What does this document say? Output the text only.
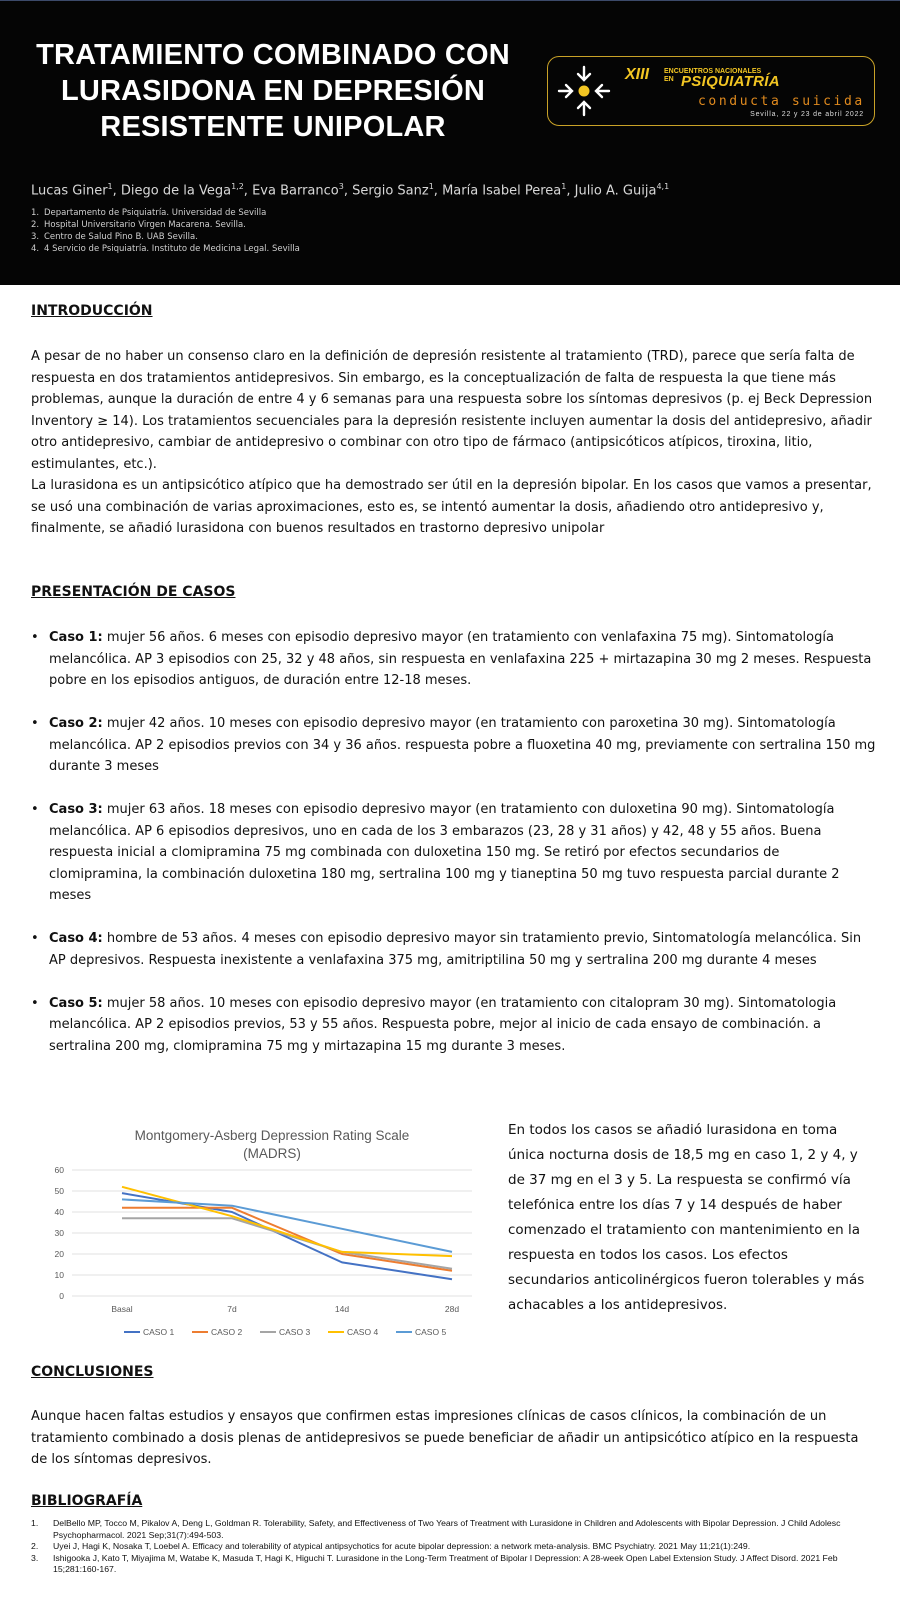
TRATAMIENTO COMBINADO CON
LURASIDONA EN DEPRESIÓN
RESISTENTE UNIPOLAR
XIII ENCUENTROS NACIONALES
EN PSIQUIATRÍA
conducta suicida
Sevilla, 22 y 23 de abril 2022
Lucas Giner$^1$, Diego de la Vega$^{1,2}$, Eva Barranco$^3$, Sergio Sanz$^1$, María Isabel Perea$^1$, Julio A. Guija$^{4,1}$
1. Departamento de Psiquiatría. Universidad de Sevilla
2. Hospital Universitario Virgen Macarena. Sevilla.
3. Centro de Salud Pino B. UAB Sevilla.
4. 4 Servicio de Psiquiatría. Instituto de Medicina Legal. Sevilla
INTRODUCCIÓN

A pesar de no haber un consenso claro en la definición de depresión resistente al tratamiento (TRD), parece que sería falta de respuesta en dos tratamientos antidepresivos. Sin embargo, es la conceptualización de falta de respuesta la que tiene más problemas, aunque la duración de entre 4 y 6 semanas para una respuesta sobre los síntomas depresivos (p. ej Beck Depression Inventory ≥ 14). Los tratamientos secuenciales para la depresión resistente incluyen aumentar la dosis del antidepresivo, añadir otro antidepresivo, cambiar de antidepresivo o combinar con otro tipo de fármaco (antipsicóticos atípicos, tiroxina, litio, estimulantes, etc.).

La lurasidona es un antipsicótico atípico que ha demostrado ser útil en la depresión bipolar. En los casos que vamos a presentar, se usó una combinación de varias aproximaciones, esto es, se intentó aumentar la dosis, añadiendo otro antidepresivo y, finalmente, se añadió lurasidona con buenos resultados en trastorno depresivo unipolar

PRESENTACIÓN DE CASOS
• Caso 1: mujer 56 años. 6 meses con episodio depresivo mayor (en tratamiento con venlafaxina 75 mg). Sintomatología melancólica. AP 3 episodios con 25, 32 y 48 años, sin respuesta en venlafaxina 225 + mirtazapina 30 mg 2 meses. Respuesta pobre en los episodios antiguos, de duración entre 12-18 meses.
• Caso 2: mujer 42 años. 10 meses con episodio depresivo mayor (en tratamiento con paroxetina 30 mg). Sintomatología melancólica. AP 2 episodios previos con 34 y 36 años. respuesta pobre a fluoxetina 40 mg, previamente con sertralina 150 mg durante 3 meses
• Caso 3: mujer 63 años. 18 meses con episodio depresivo mayor (en tratamiento con duloxetina 90 mg). Sintomatología melancólica. AP 6 episodios depresivos, uno en cada de los 3 embarazos (23, 28 y 31 años) y 42, 48 y 55 años. Buena respuesta inicial a clomipramina 75 mg combinada con duloxetina 150 mg. Se retiró por efectos secundarios de clomipramina, la combinación duloxetina 180 mg, sertralina 100 mg y tianeptina 50 mg tuvo respuesta parcial durante 2 meses
• Caso 4: hombre de 53 años. 4 meses con episodio depresivo mayor sin tratamiento previo, Sintomatología melancólica. Sin AP depresivos. Respuesta inexistente a venlafaxina 375 mg, amitriptilina 50 mg y sertralina 200 mg durante 4 meses
• Caso 5: mujer 58 años. 10 meses con episodio depresivo mayor (en tratamiento con citalopram 30 mg). Sintomatologia melancólica. AP 2 episodios previos, 53 y 55 años. Respuesta pobre, mejor al inicio de cada ensayo de combinación. a sertralina 200 mg, clomipramina 75 mg y mirtazapina 15 mg durante 3 meses.
Montgomery-Asberg Depression Rating Scale
(MADRS)
0
10
20
30
40
50
60
Basal	7d	14d	28d
CASO 1	CASO 2	CASO 3	CASO 4	CASO 5
En todos los casos se añadió lurasidona en toma única nocturna dosis de 18,5 mg en caso 1, 2 y 4, y de 37 mg en el 3 y 5. La respuesta se confirmó vía telefónica entre los días 7 y 14 después de haber comenzado el tratamiento con mantenimiento en la respuesta en todos los casos. Los efectos secundarios anticolinérgicos fueron tolerables y más achacables a los antidepresivos.
CONCLUSIONES

Aunque hacen faltas estudios y ensayos que confirmen estas impresiones clínicas de casos clínicos, la combinación de un tratamiento combinado a dosis plenas de antidepresivos se puede beneficiar de añadir un antipsicótico atípico en la respuesta de los síntomas depresivos.

BIBLIOGRAFÍA
1. DelBello MP, Tocco M, Pikalov A, Deng L, Goldman R. Tolerability, Safety, and Effectiveness of Two Years of Treatment with Lurasidone in Children and Adolescents with Bipolar Depression. J Child Adolesc Psychopharmacol. 2021 Sep;31(7):494-503.
2. Uyei J, Hagi K, Nosaka T, Loebel A. Efficacy and tolerability of atypical antipsychotics for acute bipolar depression: a network meta-analysis. BMC Psychiatry. 2021 May 11;21(1):249.
3. Ishigooka J, Kato T, Miyajima M, Watabe K, Masuda T, Hagi K, Higuchi T. Lurasidone in the Long-Term Treatment of Bipolar I Depression: A 28-week Open Label Extension Study. J Affect Disord. 2021 Feb 15;281:160-167.
